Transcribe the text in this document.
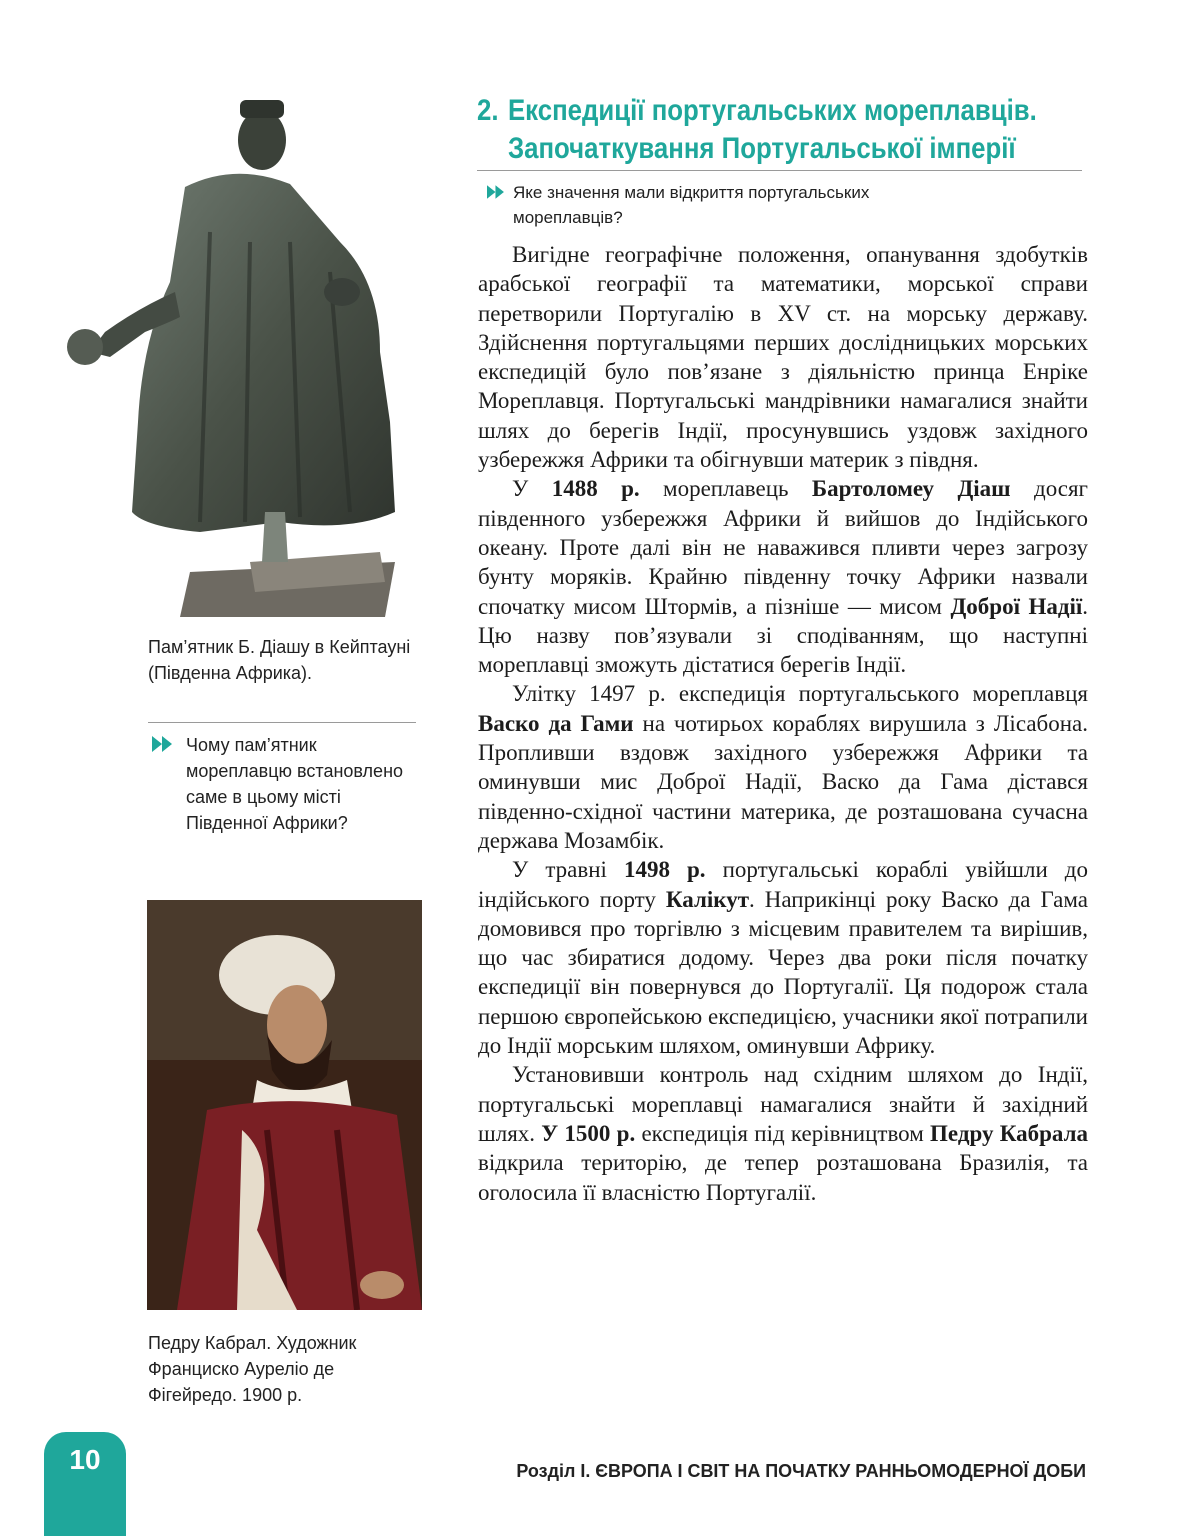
Пам’ятник Б. Діашу в Кейптауні (Південна Африка).
Чому пам’ятник мореплавцю встановлено саме в цьому місті Південної Африки?
Педру Кабрал. Художник Франциско Ауреліо де Фігейредо. 1900 р.
2. Експедиції португальських мореплавців.
Започаткування Португальської імперії
Яке значення мали відкриття португальських мореплавців?

Вигідне географічне положення, опанування здобутків арабської географії та математики, морської справи перетворили Португалію в XV ст. на морську державу. Здійснення португальцями перших дослідницьких морських експедицій було пов’язане з діяльністю принца Енріке Мореплавця. Португальські мандрівники намагалися знайти шлях до берегів Індії, просунувшись уздовж західного узбережжя Африки та обігнувши материк з півдня.

У 1488 р. мореплавець Бартоломеу Діаш досяг південного узбережжя Африки й вийшов до Індійського океану. Проте далі він не наважився пливти через загрозу бунту моряків. Крайню південну точку Африки назвали спочатку мисом Штормів, а пізніше — мисом Доброї Надії. Цю назву пов’язували зі сподіванням, що наступні мореплавці зможуть дістатися берегів Індії.

Улітку 1497 р. експедиція португальського мореплавця Васко да Гами на чотирьох кораблях вирушила з Лісабона. Пропливши вздовж західного узбережжя Африки та оминувши мис Доброї Надії, Васко да Гама дістався південно-східної частини материка, де розташована сучасна держава Мозамбік.

У травні 1498 р. португальські кораблі увійшли до індійського порту Калікут. Наприкінці року Васко да Гама домовився про торгівлю з місцевим правителем та вирішив, що час збиратися додому. Через два роки після початку експедиції він повернувся до Португалії. Ця подорож стала першою європейською експедицією, учасники якої потрапили до Індії морським шляхом, оминувши Африку.

Установивши контроль над східним шляхом до Індії, португальські мореплавці намагалися знайти й західний шлях. У 1500 р. експедиція під керівництвом Педру Кабрала відкрила територію, де тепер розташована Бразилія, та оголосила її власністю Португалії.

10	Розділ І. ЄВРОПА І СВІТ НА ПОЧАТКУ РАННЬОМОДЕРНОЇ ДОБИ
